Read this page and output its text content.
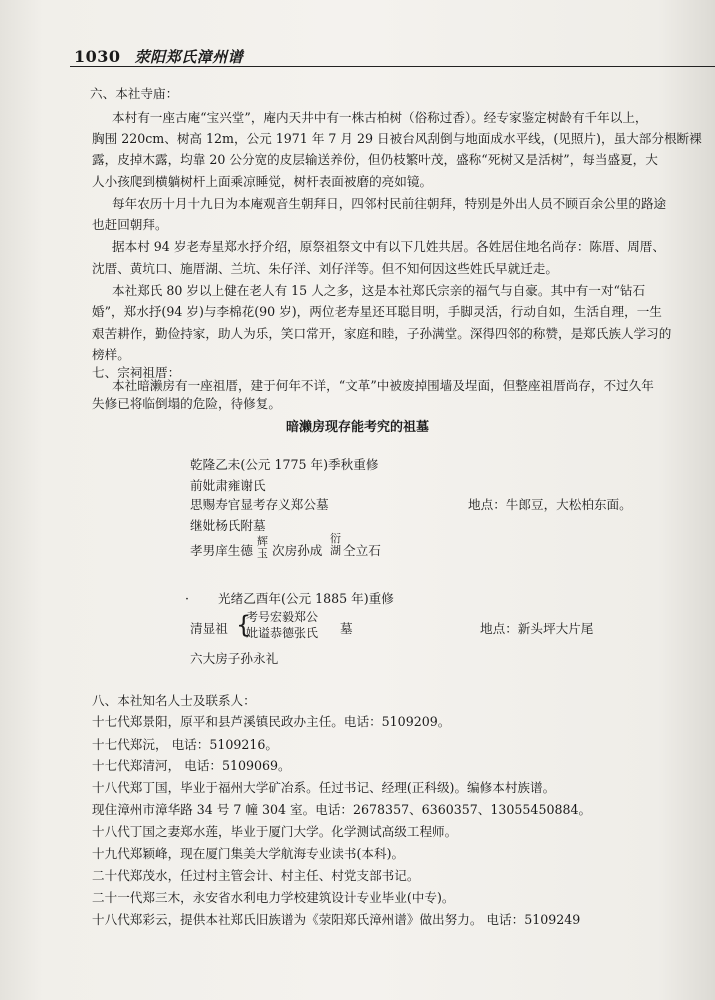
1030 荥阳郑氏漳州谱
六、本社寺庙：
本村有一座古庵“宝兴堂”，庵内天井中有一株古柏树（俗称过香）。经专家鉴定树龄有千年以上，
胸围 220cm、树高 12m，公元 1971 年 7 月 29 日被台风刮倒与地面成水平线，(见照片)，虽大部分根断裸
露，皮掉木露，均靠 20 公分宽的皮层输送养份，但仍枝繁叶茂，盛称“死树又是活树”，每当盛夏，大
人小孩爬到横躺树杆上面乘凉睡觉，树杆表面被磨的亮如镜。
每年农历十月十九日为本庵观音生朝拜日，四邻村民前往朝拜，特别是外出人员不顾百余公里的路途
也赶回朝拜。
据本村 94 岁老寿星郑水抒介绍，原祭祖祭文中有以下几姓共居。各姓居住地名尚存：陈厝、周厝、
沈厝、黄坑口、施厝湖、兰坑、朱仔洋、刘仔洋等。但不知何因这些姓氏早就迁走。
本社郑氏 80 岁以上健在老人有 15 人之多，这是本社郑氏宗亲的福气与自豪。其中有一对“钻石
婚”，郑水抒(94 岁)与李棉花(90 岁)，两位老寿星还耳聪目明，手脚灵活，行动自如，生活自理，一生
艰苦耕作，勤俭持家，助人为乐，笑口常开，家庭和睦，子孙满堂。深得四邻的称赞，是郑氏族人学习的
榜样。
七、宗祠祖厝：
本社暗濑房有一座祖厝，建于何年不详，“文革”中被废掉围墙及埕面，但整座祖厝尚存，不过久年
失修已将临倒塌的危险，待修复。
暗濑房现存能考究的祖墓
乾隆乙未(公元 1775 年)季秋重修
前妣肃雍谢氏
思赐寿官显考存义郑公墓	地点：牛郎豆，大松柏东面。
继妣杨氏附墓
孝男庠生德
辉
玉 次房孙成
衍
湖 仝立石
· 光绪乙酉年(公元 1885 年)重修
清显祖 {
考号宏毅郑公
妣谥恭德张氏 墓	地点：新头坪大片尾
六大房子孙永礼
八、本社知名人士及联系人：
十七代郑景阳，原平和县芦溪镇民政办主任。电话：5109209。
十七代郑沅， 电话：5109216。
十七代郑清河， 电话：5109069。
十八代郑丁国，毕业于福州大学矿冶系。任过书记、经理(正科级)。编修本村族谱。
现住漳州市漳华路 34 号 7 幢 304 室。电话：2678357、6360357、13055450884。
十八代丁国之妻郑水莲，毕业于厦门大学。化学测试高级工程师。
十九代郑颖峰，现在厦门集美大学航海专业读书(本科)。
二十代郑茂水，任过村主管会计、村主任、村党支部书记。
二十一代郑三木，永安省水利电力学校建筑设计专业毕业(中专)。
十八代郑彩云，提供本社郑氏旧族谱为《荥阳郑氏漳州谱》做出努力。 电话：5109249
